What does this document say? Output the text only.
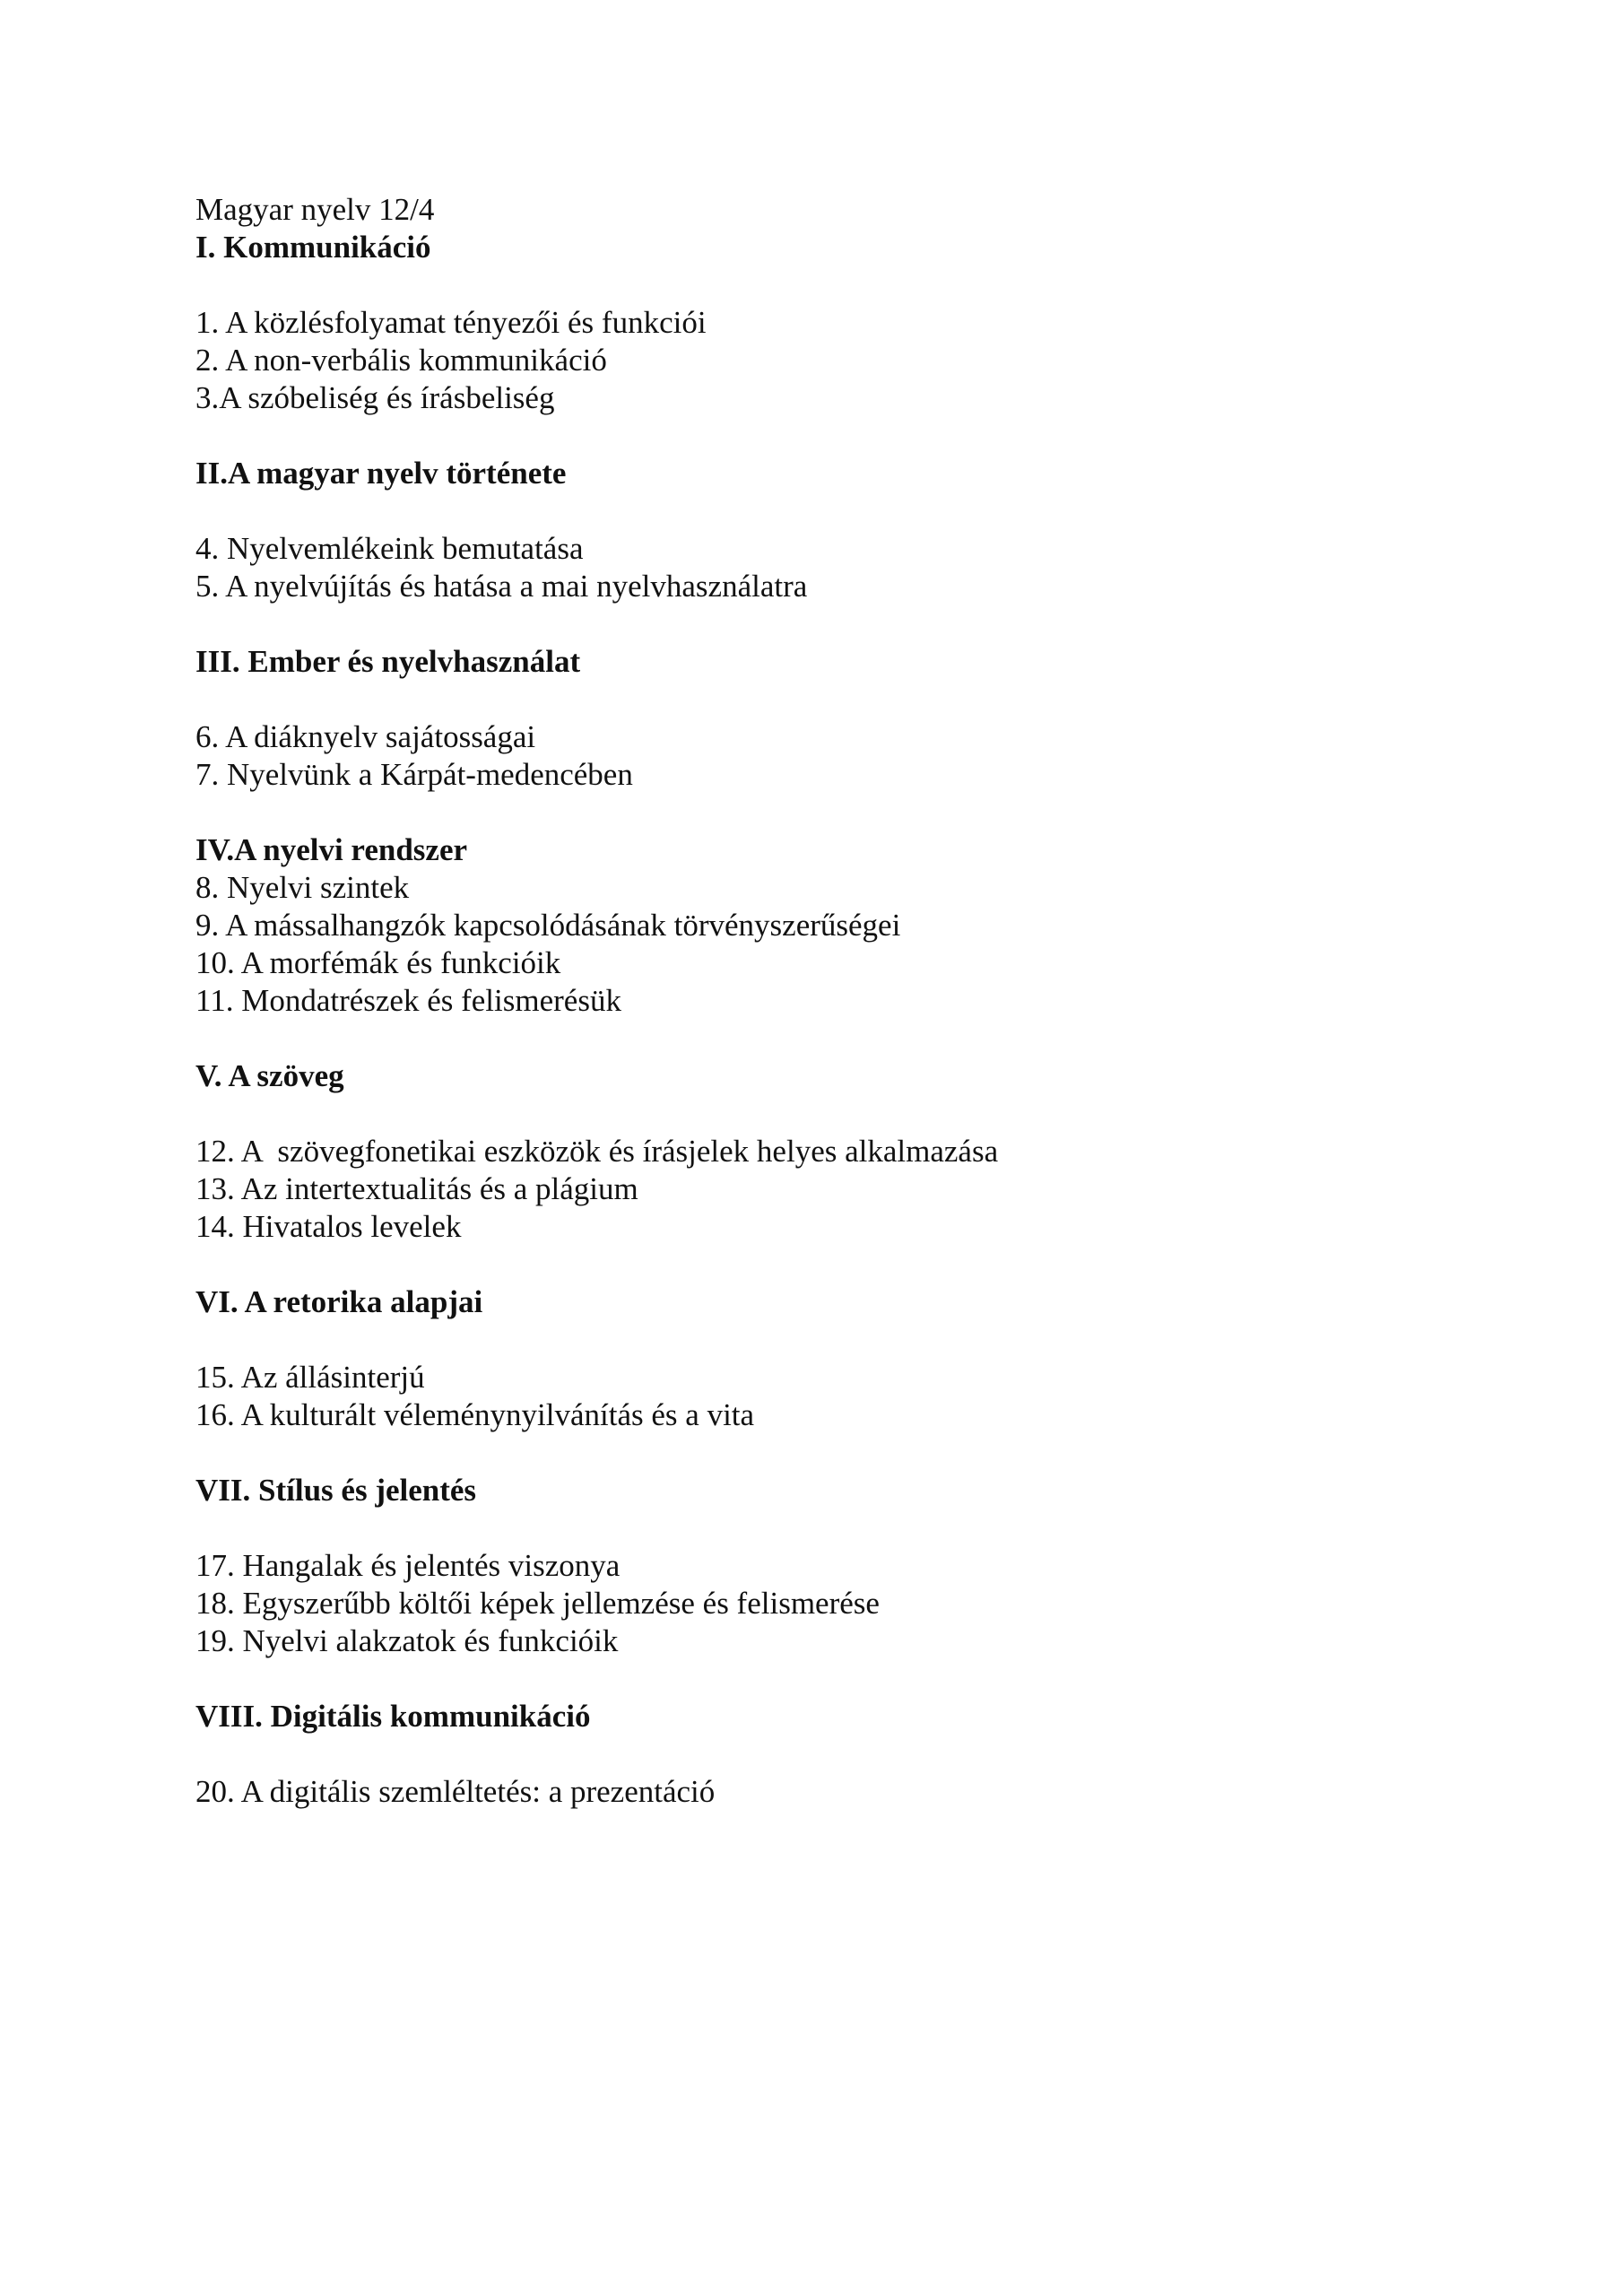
Magyar nyelv 12/4
I. Kommunikáció
1. A közlésfolyamat tényezői és funkciói
2. A non-verbális kommunikáció
3.A szóbeliség és írásbeliség
II.A magyar nyelv története
4. Nyelvemlékeink bemutatása
5. A nyelvújítás és hatása a mai nyelvhasználatra
III. Ember és nyelvhasználat
6. A diáknyelv sajátosságai
7. Nyelvünk a Kárpát-medencében
IV.A nyelvi rendszer
8. Nyelvi szintek
9. A mássalhangzók kapcsolódásának törvényszerűségei
10. A morfémák és funkcióik
11. Mondatrészek és felismerésük
V. A szöveg
12. A  szövegfonetikai eszközök és írásjelek helyes alkalmazása
13. Az intertextualitás és a plágium
14. Hivatalos levelek
VI. A retorika alapjai
15. Az állásinterjú
16. A kulturált véleménynyilvánítás és a vita
VII. Stílus és jelentés
17. Hangalak és jelentés viszonya
18. Egyszerűbb költői képek jellemzése és felismerése
19. Nyelvi alakzatok és funkcióik
VIII. Digitális kommunikáció
20. A digitális szemléltetés: a prezentáció
